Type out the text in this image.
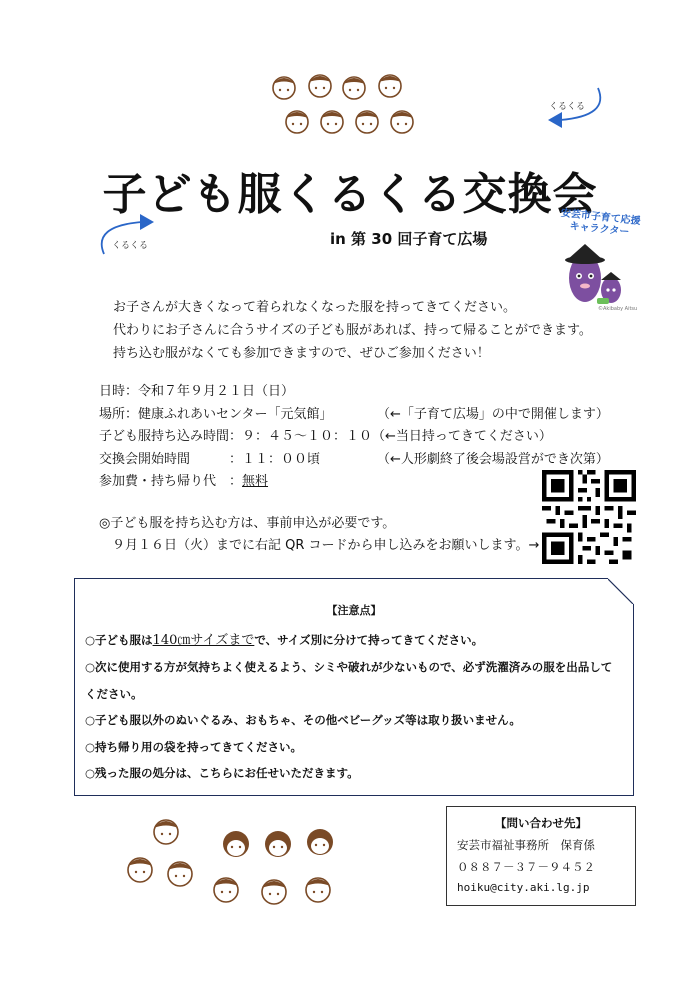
くるくる
くるくる
子ども服くるくる交換会
in 第 30 回子育て広場
安芸市子育て応援キャラクター
©Akibaby Aitsu
お子さんが大きくなって着られなくなった服を持ってきてください。
代わりにお子さんに合うサイズの子ども服があれば、持って帰ることができます。
持ち込む服がなくても参加できますので、ぜひご参加ください！
日時：令和７年９月２１日（日）
場所：健康ふれあいセンター「元気館」	（←「子育て広場」の中で開催します）
子ども服持ち込み時間：９：４５～１０：１０（←当日持ってきてください）
交換会開始時間　　　：１１：００頃	（←人形劇終了後会場設営ができ次第）
参加費・持ち帰り代　：無料
◎子ども服を持ち込む方は、事前申込が必要です。
　９月１６日（火）までに右記 QR コードから申し込みをお願いします。→
【注意点】
○子ども服は140㎝サイズまでで、サイズ別に分けて持ってきてください。
○次に使用する方が気持ちよく使えるよう、シミや破れが少ないもので、必ず洗濯済みの服を出品して
ください。
○子ども服以外のぬいぐるみ、おもちゃ、その他ベビーグッズ等は取り扱いません。
○持ち帰り用の袋を持ってきてください。
○残った服の処分は、こちらにお任せいただきます。
【問い合わせ先】
安芸市福祉事務所　保育係
０８８７－３７－９４５２
hoiku@city.aki.lg.jp
